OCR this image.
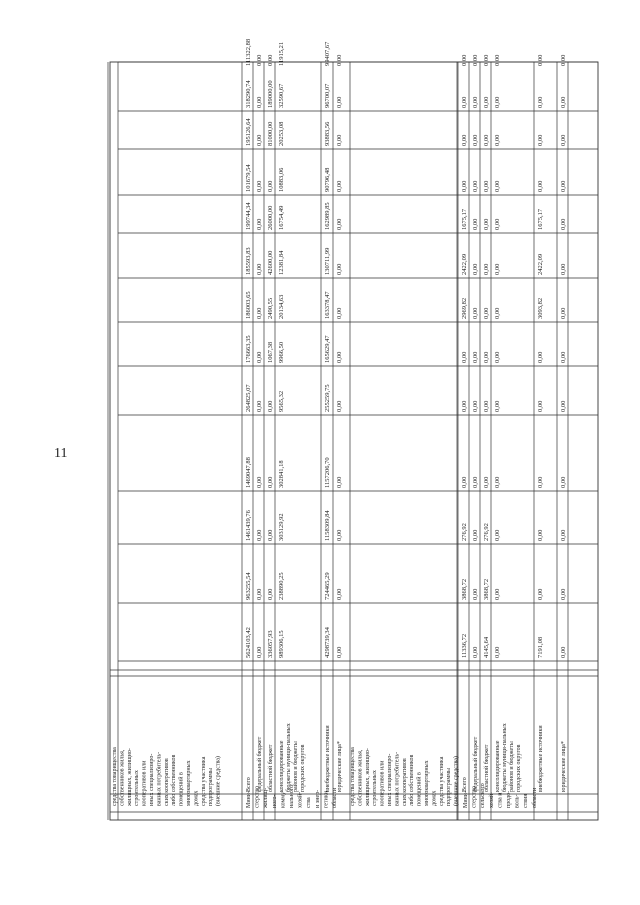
11
средства товарищества собственников жилья, жилищных, жилищно- строительных кооперативов или иных специализиро- ванных потребитель- ских кооперативов либо собственников помещений в многоквартирных домах средства участника подпрограммы (внешние средства)	средства товарищества собственников жилья, жилищных, жилищно- строительных кооперативов или иных специализиро- ванных потребитель- ских кооперативов либо собственников помещений в многоквартирных домах средства участника подпрограммы (внешние средства)
Мини- стерство жилищ- ного- комму- нального хозяй- ства и энер- гетики области	Мини- стерство сельского хозяй- ства и продо- воль- ствия области
Всего
5624103,42
963255,54
1461439,76
1469047,88
264825,07
176663,35
186003,65
185593,83
199744,34
101679,54
195126,64
318290,74
111322,88
федеральный бюджет
0,00
0,00
0,00
0,00
0,00
0,00
0,00
0,00
0,00
0,00
0,00
0,00
0,00
областной бюджет
336057,93
0,00
0,00
0,00
0,00
1067,38
2490,55
42600,00
26000,00
0,00
81000,00
189000,00
0,00
консолидированные бюджеты муници-пальных районов и бюджеты городских округов
989306,15
238890,25
303129,92
302841,18
9565,32
9966,50
20134,63
12381,84
16754,49
10883,06
20253,08
32590,67
11915,21
внебюджетные источники
4298739,34
724465,29
1158309,84
1157206,70
255259,75
165629,47
163378,47
130711,99
162989,85
90796,48
93883,56
96700,07
99407,67
юридические лица*
0,00
0,00
0,00
0,00
0,00
0,00
0,00
0,00
0,00
0,00
0,00
0,00
0,00
Всего
11336,72
3868,72
276,92
0,00
0,00
0,00
2969,82
2422,09
1675,17
0,00
0,00
0,00
0,00
федеральный бюджет
0,00
0,00
0,00
0,00
0,00
0,00
0,00
0,00
0,00
0,00
0,00
0,00
0,00
областной бюджет
4145,64
3868,72
276,92
0,00
0,00
0,00
0,00
0,00
0,00
0,00
0,00
0,00
0,00
консолидированные бюджеты муници-пальных районов и бюджеты городских округов
0,00
0,00
0,00
0,00
0,00
0,00
0,00
0,00
0,00
0,00
0,00
0,00
0,00
внебюджетные источники
7191,08
0,00
0,00
0,00
0,00
0,00
3093,82
2422,09
1675,17
0,00
0,00
0,00
0,00
юридические лица*
0,00
0,00
0,00
0,00
0,00
0,00
0,00
0,00
0,00
0,00
0,00
0,00
0,00
